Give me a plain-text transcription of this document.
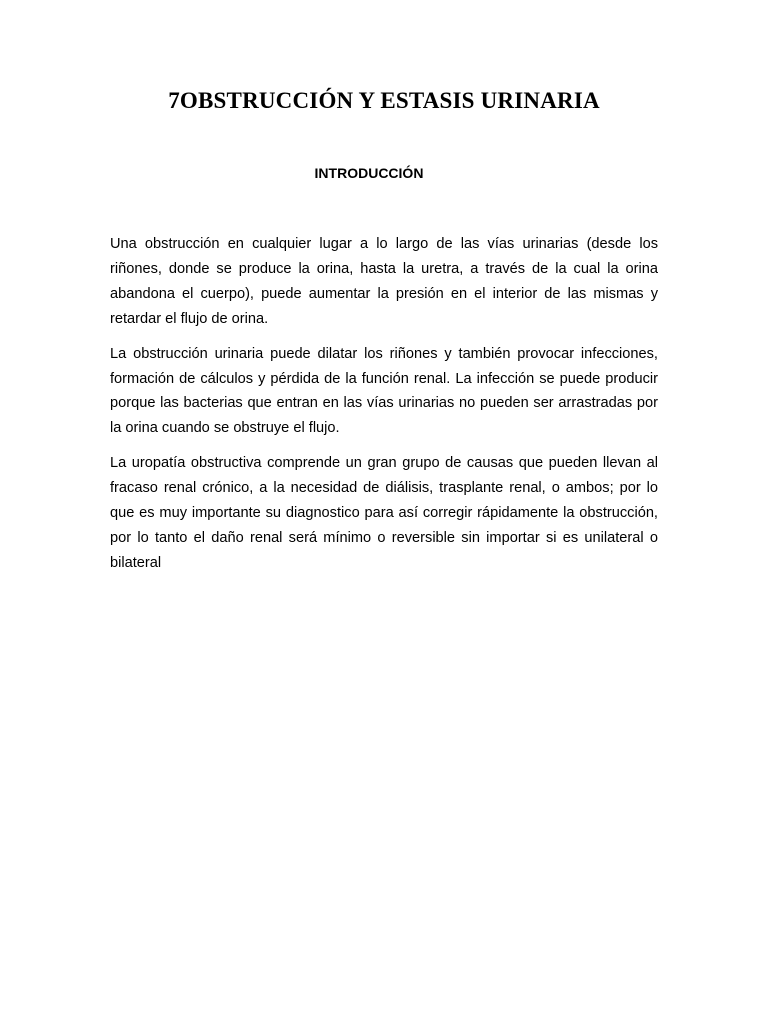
7OBSTRUCCIÓN Y ESTASIS URINARIA
INTRODUCCIÓN

Una obstrucción en cualquier lugar a lo largo de las vías urinarias (desde los riñones, donde se produce la orina, hasta la uretra, a través de la cual la orina abandona el cuerpo), puede aumentar la presión en el interior de las mismas y retardar el flujo de orina.

La obstrucción urinaria puede dilatar los riñones y también provocar infecciones, formación de cálculos y pérdida de la función renal. La infección se puede producir porque las bacterias que entran en las vías urinarias no pueden ser arrastradas por la orina cuando se obstruye el flujo.

La uropatía obstructiva comprende un gran grupo de causas que pueden llevan al fracaso renal crónico, a la necesidad de diálisis, trasplante renal, o ambos; por lo que es muy importante su diagnostico para así corregir rápidamente la obstrucción, por lo tanto el daño renal será mínimo o reversible sin importar si es unilateral o bilateral
